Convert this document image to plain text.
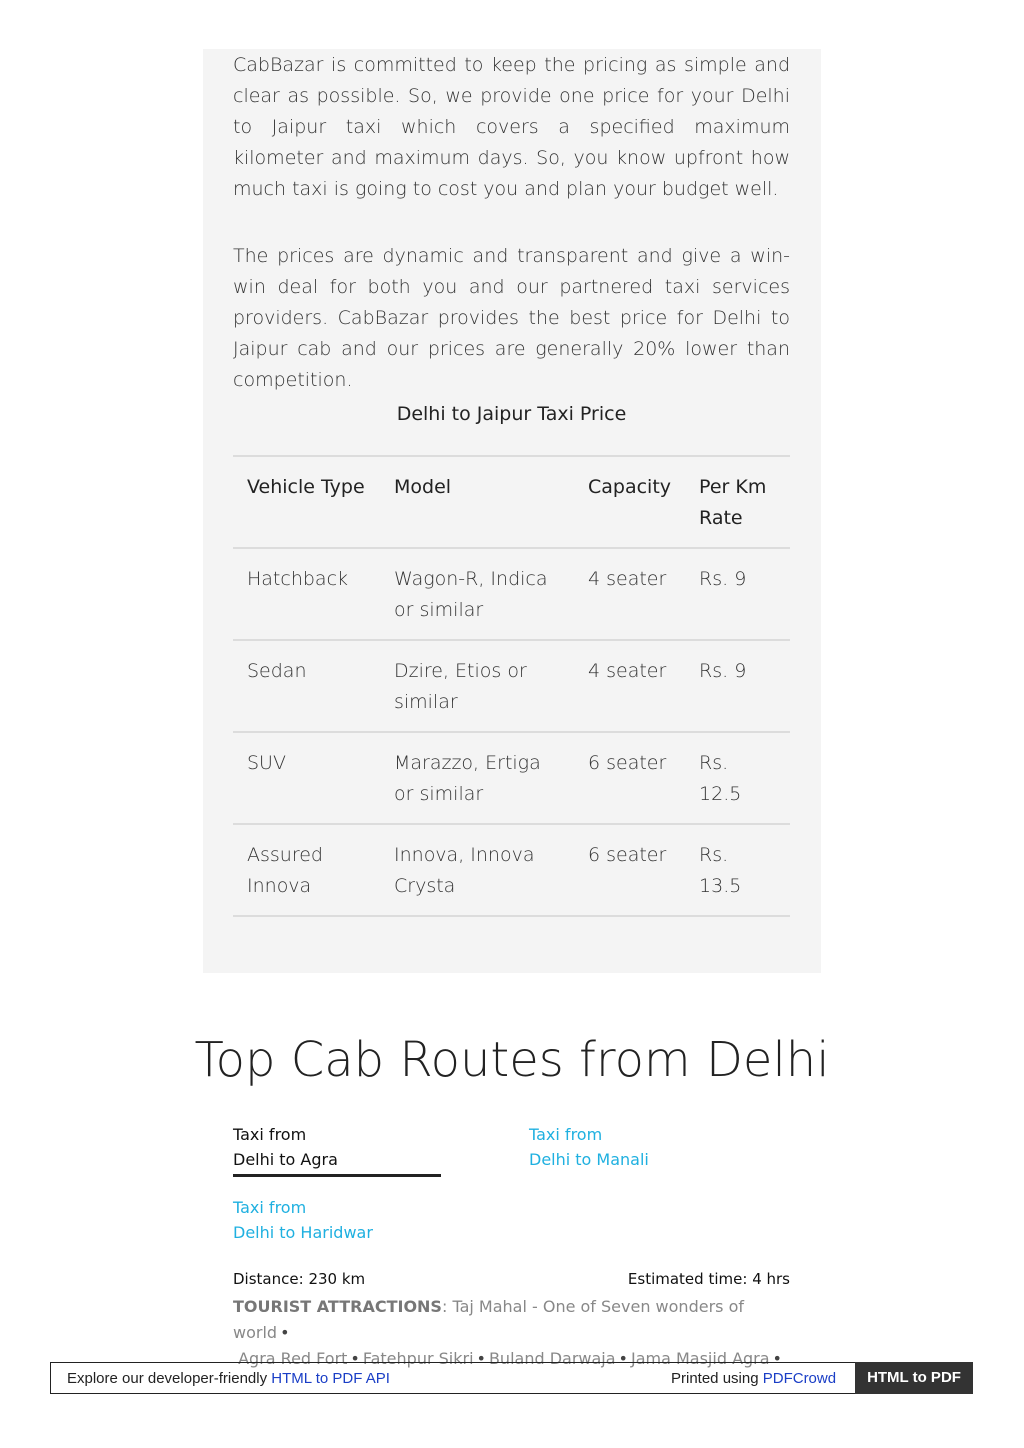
CabBazar is committed to keep the pricing as simple and clear as possible. So, we provide one price for your Delhi to Jaipur taxi which covers a specified maximum kilometer and maximum days. So, you know upfront how much taxi is going to cost you and plan your budget well.

The prices are dynamic and transparent and give a win-win deal for both you and our partnered taxi services providers. CabBazar provides the best price for Delhi to Jaipur cab and our prices are generally 20% lower than competition.

Delhi to Jaipur Taxi Price
Vehicle Type	Model	Capacity	Per Km Rate
Hatchback	Wagon-R, Indica or similar	4 seater	Rs. 9
Sedan	Dzire, Etios or similar	4 seater	Rs. 9
SUV	Marazzo, Ertiga or similar	6 seater	Rs. 12.5
Assured Innova	Innova, Innova Crysta	6 seater	Rs. 13.5
Top Cab Routes from Delhi
Taxi from
Delhi to Agra
Taxi from
Delhi to Manali
Taxi from
Delhi to Haridwar
Distance: 230 km	Estimated time: 4 hrs
TOURIST ATTRACTIONS: Taj Mahal - One of Seven wonders of world •
Agra Red Fort • Fatehpur Sikri • Buland Darwaja • Jama Masjid Agra •
Explore our developer-friendly HTML to PDF API	Printed using PDFCrowd	HTML to PDF
